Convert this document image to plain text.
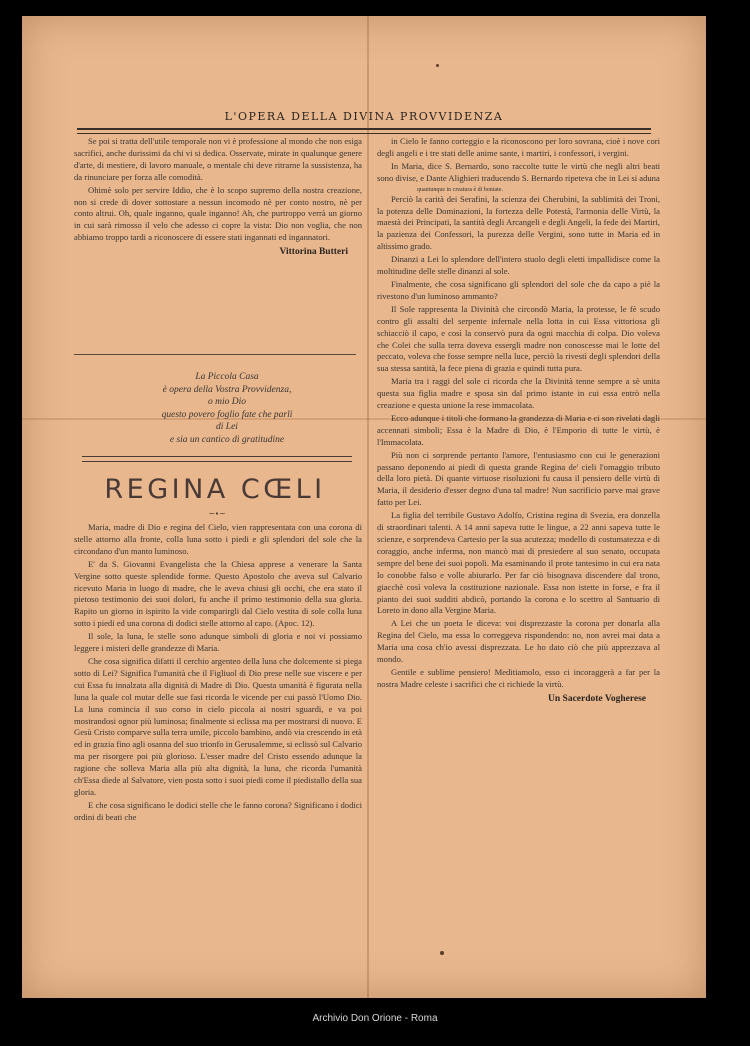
L'OPERA DELLA DIVINA PROVVIDENZA

Se poi si tratta dell'utile temporale non vi è professione al mondo che non esiga sacrifici, anche durissimi da chi vi si dedica. Osservate, mirate in qualunque genere d'arte, di mestiere, di lavoro manuale, o mentale chi deve ritrarne la sussistenza, ha da rinunciare per forza alle comodità.

Ohimè solo per servire Iddio, che è lo scopo supremo della nostra creazione, non si crede di dover sottostare a nessun incomodo nè per conto nostro, nè per conto altrui. Oh, quale inganno, quale inganno! Ah, che purtroppo verrà un giorno in cui sarà rimosso il velo che adesso ci copre la vista: Dio non voglia, che non abbiamo troppo tardi a riconoscere di essere stati ingannati ed ingannatori.

Vittorina Butteri
La Piccola Casa
è opera della Vostra Provvidenza,
o mio Dio
questo povero foglio fate che parli
di Lei
e sia un cantico di gratitudine
REGINA CŒLI
~∙~

Maria, madre di Dio e regina del Cielo, vien rappresentata con una corona di stelle attorno alla fronte, colla luna sotto i piedi e gli splendori del sole che la circondano d'un manto luminoso.

E' da S. Giovanni Evangelista che la Chiesa apprese a venerare la Santa Vergine sotto queste splendide forme. Questo Apostolo che aveva sul Calvario ricevuto Maria in luogo di madre, che le aveva chiusi gli occhi, che era stato il pietoso testimonio dei suoi dolori, fu anche il primo testimonio della sua gloria. Rapito un giorno in ispirito la vide comparirgli dal Cielo vestita di sole colla luna sotto i piedi ed una corona di dodici stelle attorno al capo. (Apoc. 12).

Il sole, la luna, le stelle sono adunque simboli di gloria e noi vi possiamo leggere i misteri delle grandezze di Maria.

Che cosa significa difatti il cerchio argenteo della luna che dolcemente si piega sotto di Lei? Significa l'umanità che il Figliuol di Dio prese nelle sue viscere e per cui Essa fu innalzata alla dignità di Madre di Dio. Questa umanità è figurata nella luna la quale col mutar delle sue fasi ricorda le vicende per cui passò l'Uomo Dio. La luna comincia il suo corso in cielo piccola ai nostri sguardi, e va poi mostrandosi ognor più luminosa; finalmente si eclissa ma per mostrarsi di nuovo. E Gesù Cristo comparve sulla terra umile, piccolo bambino, andò via crescendo in età ed in grazia fino agli osanna del suo trionfo in Gerusalemme, si eclissò sul Calvario ma per risorgere poi più glorioso. L'esser madre del Cristo essendo adunque la ragione che solleva Maria alla più alta dignità, la luna, che ricorda l'umanità ch'Essa diede al Salvatore, vien posta sotto i suoi piedi come il piedistallo della sua gloria.

E che cosa significano le dodici stelle che le fanno corona? Significano i dodici ordini di beati che

in Cielo le fanno corteggio e la riconoscono per loro sovrana, cioè i nove cori degli angeli e i tre stati delle anime sante, i martiri, i confessori, i vergini.

In Maria, dice S. Bernardo, sono raccolte tutte le virtù che negli altri beati sono divise, e Dante Alighieri traducendo S. Bernardo ripeteva che in Lei si aduna

quantunque in creatura è di bontate.

Perciò la carità dei Serafini, la scienza dei Cherubini, la sublimità dei Troni, la potenza delle Dominazioni, la fortezza delle Potestà, l'armonia delle Virtù, la maestà dei Principati, la santità degli Arcangeli e degli Angeli, la fede dei Martiri, la pazienza dei Confessori, la purezza delle Vergini, sono tutte in Maria ed in altissimo grado.

Dinanzi a Lei lo splendore dell'intero stuolo degli eletti impallidisce come la moltitudine delle stelle dinanzi al sole.

Finalmente, che cosa significano gli splendori del sole che da capo a piè la rivestono d'un luminoso ammanto?

Il Sole rappresenta la Divinità che circondò Maria, la protesse, le fè scudo contro gli assalti del serpente infernale nella lotta in cui Essa vittoriosa gli schiacciò il capo, e così la conservò pura da ogni macchia di colpa. Dio voleva che Colei che sulla terra doveva essergli madre non conoscesse mai le lotte del peccato, voleva che fosse sempre nella luce, perciò la rivestì degli splendori della sua stessa santità, la fece piena di grazia e quindi tutta pura.

Maria tra i raggi del sole ci ricorda che la Divinità tenne sempre a sè unita questa sua figlia madre e sposa sin dal primo istante in cui essa entrò nella creazione e questa unione la rese immacolata.

Ecco adunque i titoli che formano la grandezza di Maria e ci son rivelati dagli accennati simboli; Essa è la Madre di Dio, è l'Emporio di tutte le virtù, è l'Immacolata.

Più non ci sorprende pertanto l'amore, l'entusiasmo con cui le generazioni passano deponendo ai piedi di questa grande Regina de' cieli l'omaggio tributo della loro pietà. Di quante virtuose risoluzioni fu causa il pensiero delle virtù di Maria, il desiderio d'esser degno d'una tal madre! Nun sacrificio parve mai grave fatto per Lei.

La figlia del terribile Gustavo Adolfo, Cristina regina di Svezia, era donzella di straordinari talenti. A 14 anni sapeva tutte le lingue, a 22 anni sapeva tutte le scienze, e sorprendeva Cartesio per la sua acutezza; modello di costumatezza e di coraggio, anche inferma, non mancò mai di presiedere al suo senato, occupata sempre del bene dei suoi popoli. Ma esaminando il prote tantesimo in cui era nata lo conobbe falso e volle abiurarlo. Per far ciò bisognava discendere dal trono, giacchè così voleva la costituzione nazionale. Essa non istette in forse, e fra il pianto dei suoi sudditi abdicò, portando la corona e lo scettro al Santuario di Loreto in dono alla Vergine Maria.

A Lei che un poeta le diceva: voi disprezzaste la corona per donarla alla Regina del Cielo, ma essa lo correggeva rispondendo: no, non avrei mai data a Maria una cosa ch'io avessi disprezzata. Le ho dato ciò che più apprezzava al mondo.

Gentile e sublime pensiero! Meditiamolo, esso ci incoraggerà a far per la nostra Madre celeste i sacrifici che ci richiede la virtù.

Un Sacerdote Vogherese
Archivio Don Orione - Roma
